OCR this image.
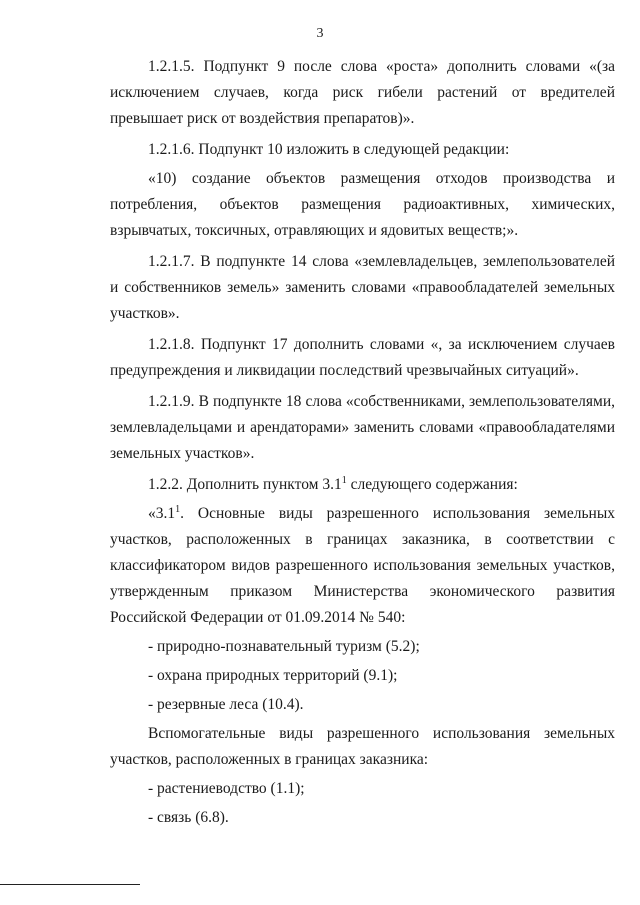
3

1.2.1.5. Подпункт 9 после слова «роста» дополнить словами «(за исключением случаев, когда риск гибели растений от вредителей превышает риск от воздействия препаратов)».

1.2.1.6. Подпункт 10 изложить в следующей редакции:

«10) создание объектов размещения отходов производства и потребления, объектов размещения радиоактивных, химических, взрывчатых, токсичных, отравляющих и ядовитых веществ;».

1.2.1.7. В подпункте 14 слова «землевладельцев, землепользователей и собственников земель» заменить словами «правообладателей земельных участков».

1.2.1.8. Подпункт 17 дополнить словами «, за исключением случаев предупреждения и ликвидации последствий чрезвычайных ситуаций».

1.2.1.9. В подпункте 18 слова «собственниками, землепользователями, землевладельцами и арендаторами» заменить словами «правообладателями земельных участков».

1.2.2. Дополнить пунктом $3.1^1$ следующего содержания:

«$3.1^1$. Основные виды разрешенного использования земельных участков, расположенных в границах заказника, в соответствии с классификатором видов разрешенного использования земельных участков, утвержденным приказом Министерства экономического развития Российской Федерации от 01.09.2014 № 540:

- природно-познавательный туризм (5.2);

- охрана природных территорий (9.1);

- резервные леса (10.4).

Вспомогательные виды разрешенного использования земельных участков, расположенных в границах заказника:

- растениеводство (1.1);

- связь (6.8).
